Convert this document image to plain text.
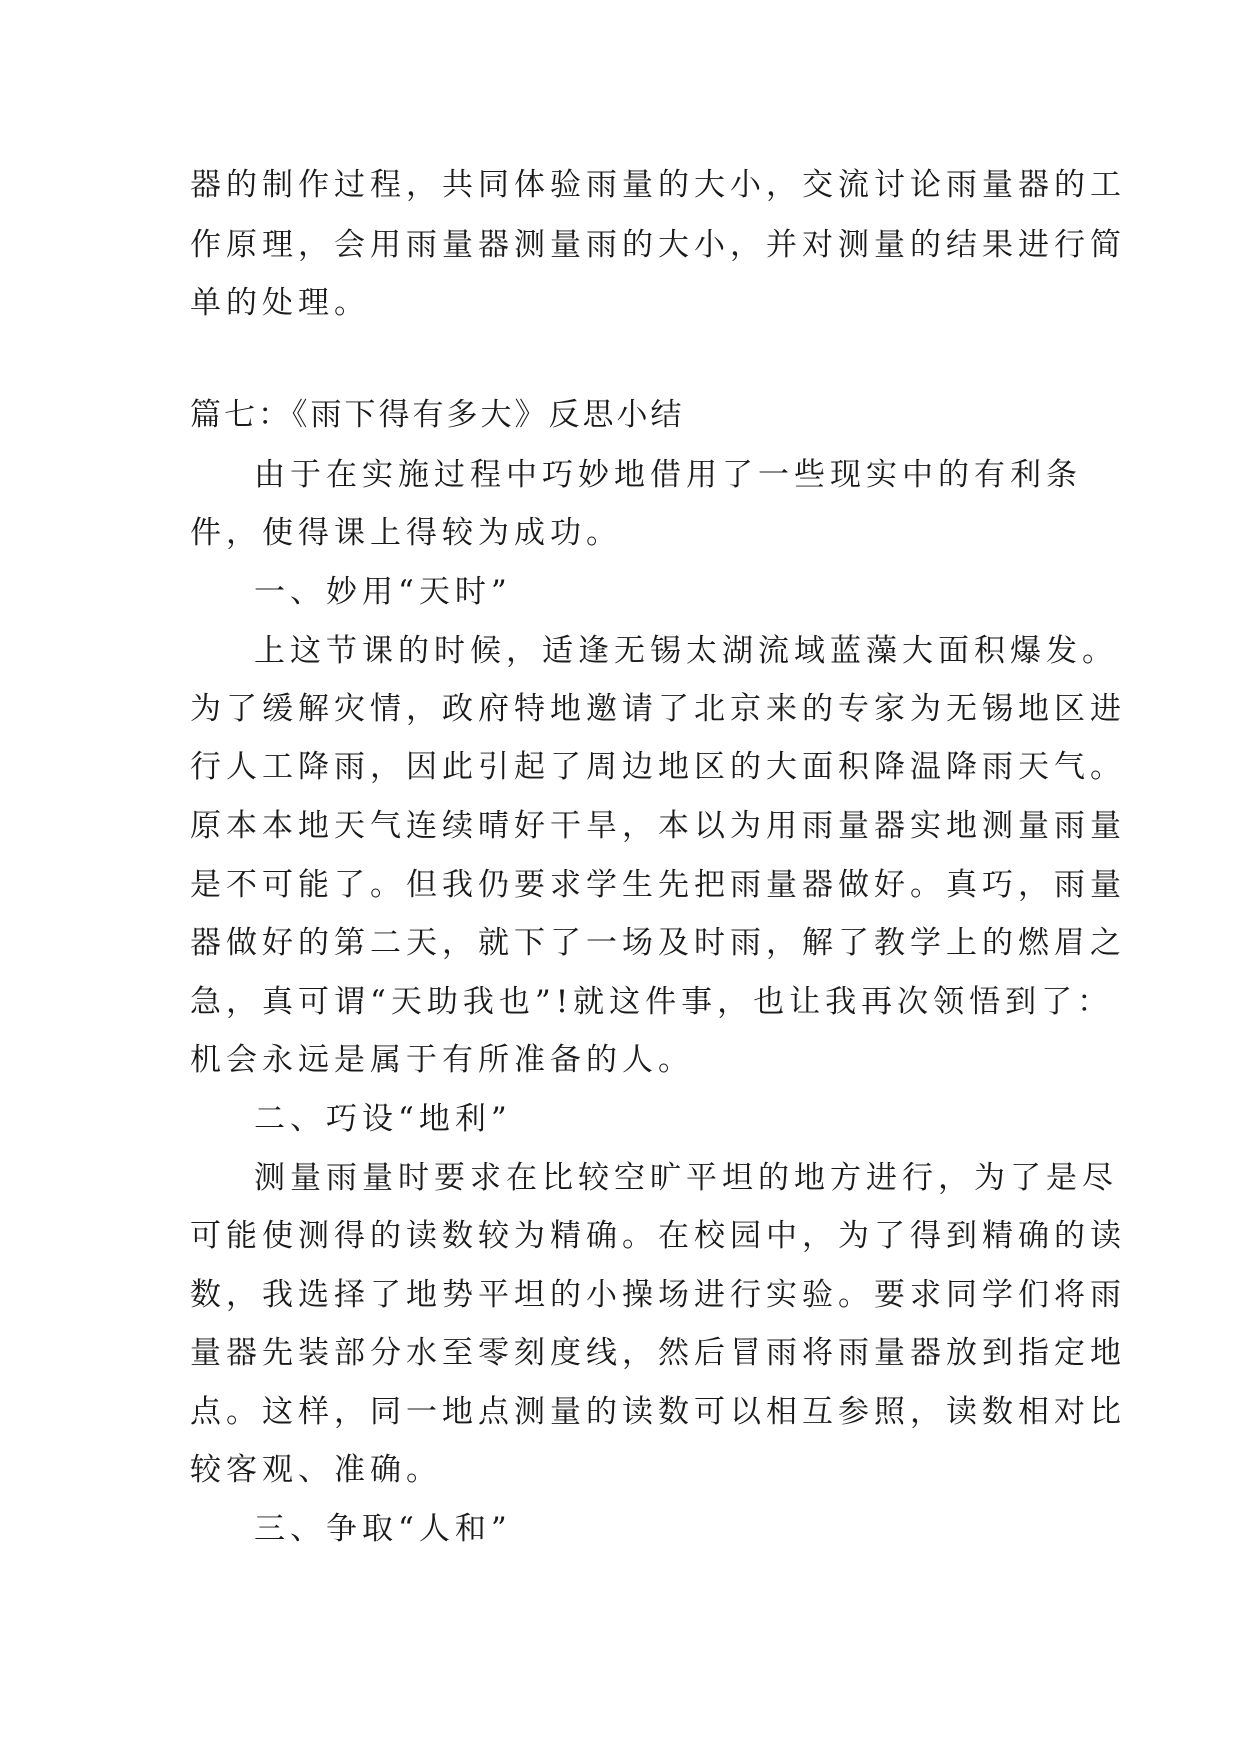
器的制作过程，共同体验雨量的大小，交流讨论雨量器的工
作原理，会用雨量器测量雨的大小，并对测量的结果进行简
单的处理。
篇七：《雨下得有多大》反思小结
由于在实施过程中巧妙地借用了一些现实中的有利条
件，使得课上得较为成功。
一、妙用“天时”
上这节课的时候，适逢无锡太湖流域蓝藻大面积爆发。
为了缓解灾情，政府特地邀请了北京来的专家为无锡地区进
行人工降雨，因此引起了周边地区的大面积降温降雨天气。
原本本地天气连续晴好干旱，本以为用雨量器实地测量雨量
是不可能了。但我仍要求学生先把雨量器做好。真巧，雨量
器做好的第二天，就下了一场及时雨，解了教学上的燃眉之
急，真可谓“天助我也”!就这件事，也让我再次领悟到了：
机会永远是属于有所准备的人。
二、巧设“地利”
测量雨量时要求在比较空旷平坦的地方进行，为了是尽
可能使测得的读数较为精确。在校园中，为了得到精确的读
数，我选择了地势平坦的小操场进行实验。要求同学们将雨
量器先装部分水至零刻度线，然后冒雨将雨量器放到指定地
点。这样，同一地点测量的读数可以相互参照，读数相对比
较客观、准确。
三、争取“人和”
